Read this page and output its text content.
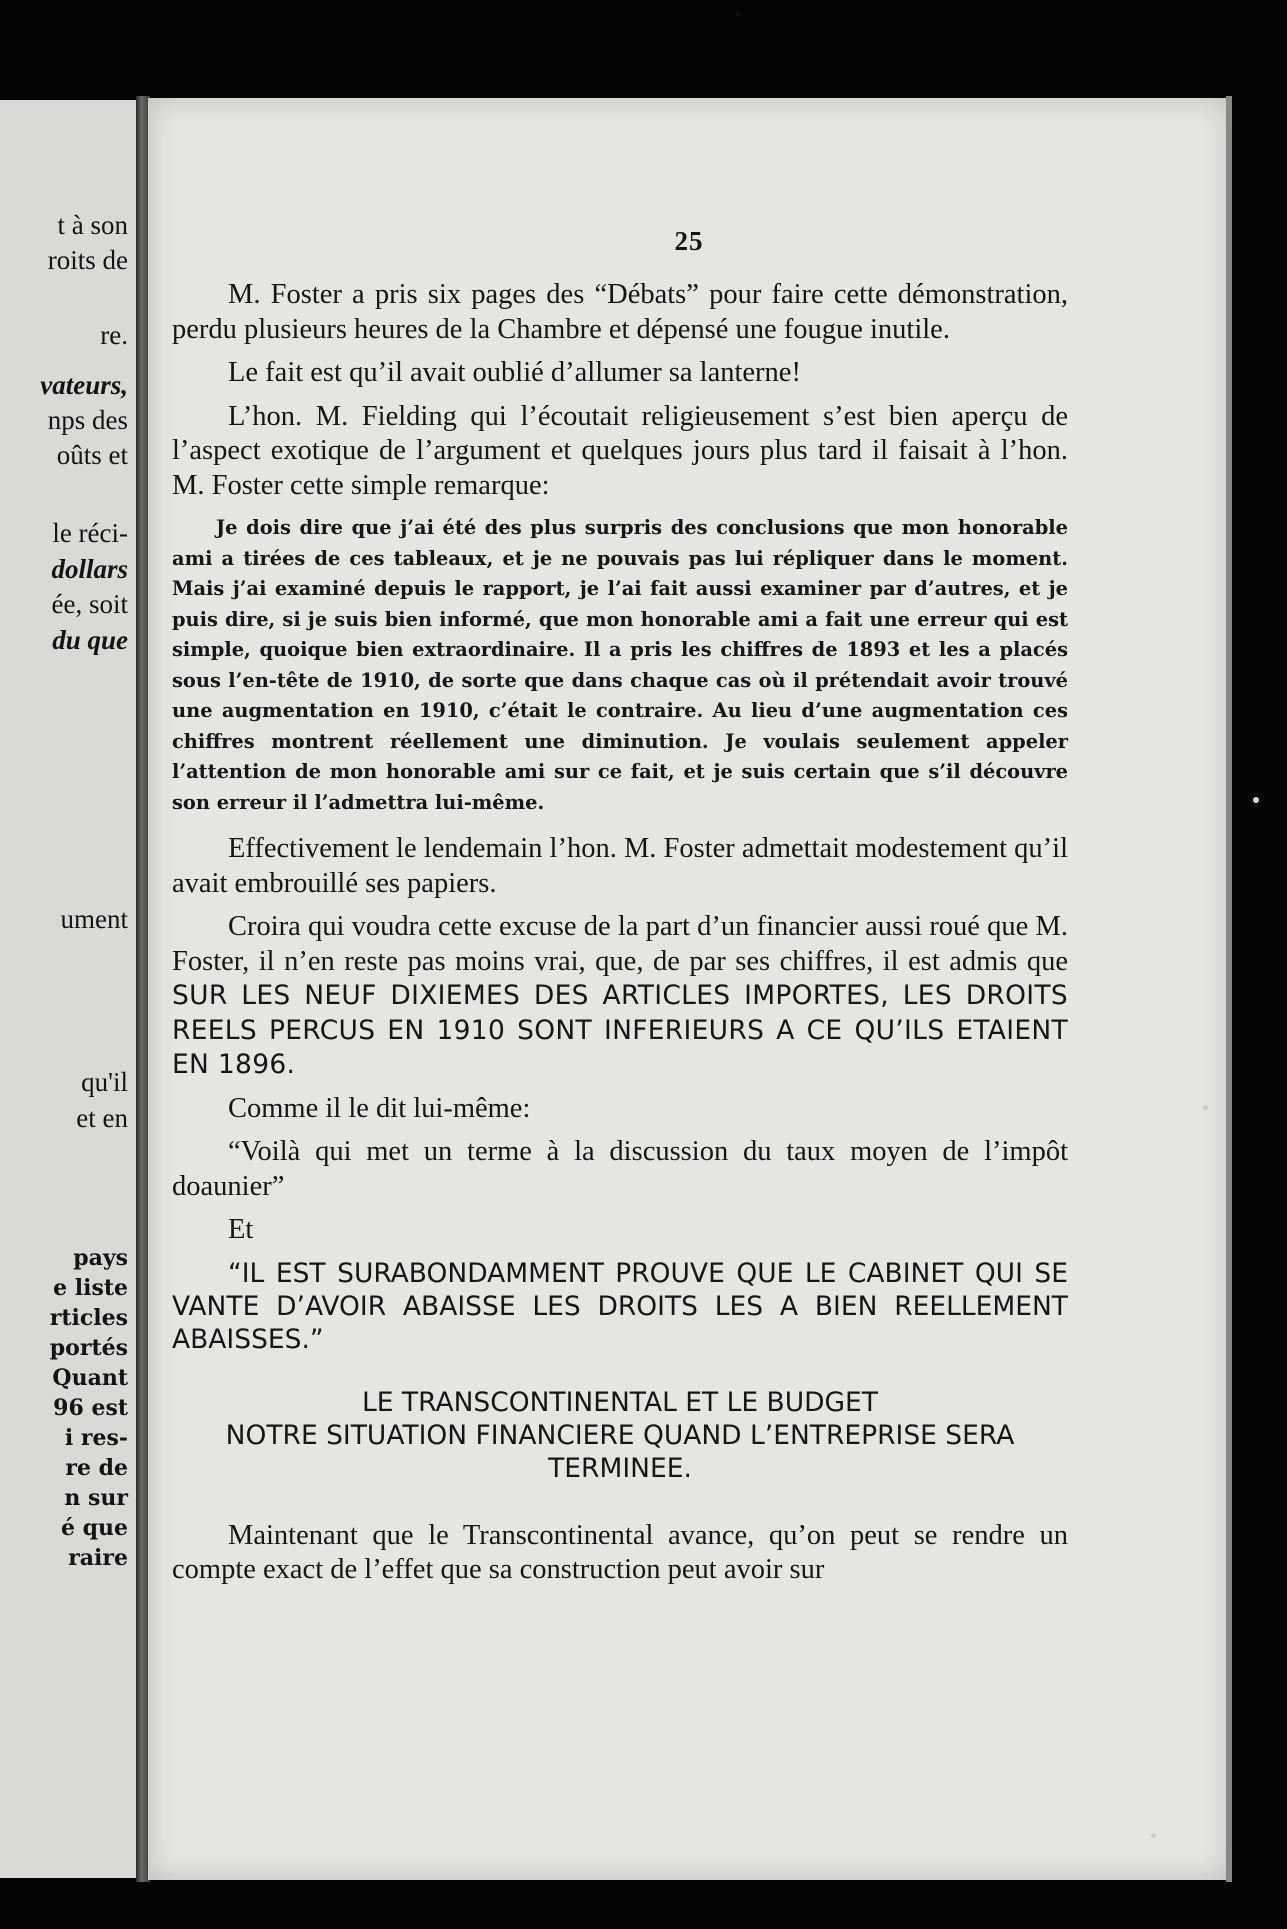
t à son
roits de
re.
vateurs,
nps des
oûts et
le réci-
dollars
ée, soit
du que
ument
qu'il
et en
pays
e liste
rticles
portés
Quant
96 est
i res-
re de
n sur
é que
raire
25

M. Foster a pris six pages des “Débats” pour faire cette démonstration, perdu plusieurs heures de la Chambre et dépensé une fougue inutile.

Le fait est qu’il avait oublié d’allumer sa lanterne!

L’hon. M. Fielding qui l’écoutait religieusement s’est bien aperçu de l’aspect exotique de l’argument et quelques jours plus tard il faisait à l’hon. M. Foster cette simple remarque:

Je dois dire que j’ai été des plus surpris des conclusions que mon honorable ami a tirées de ces tableaux, et je ne pouvais pas lui répliquer dans le moment. Mais j’ai examiné depuis le rapport, je l’ai fait aussi examiner par d’autres, et je puis dire, si je suis bien informé, que mon honorable ami a fait une erreur qui est simple, quoique bien extraordinaire. Il a pris les chiffres de 1893 et les a placés sous l’en-tête de 1910, de sorte que dans chaque cas où il prétendait avoir trouvé une augmentation en 1910, c’était le contraire. Au lieu d’une augmentation ces chiffres montrent réellement une diminution. Je voulais seulement appeler l’attention de mon honorable ami sur ce fait, et je suis certain que s’il découvre son erreur il l’admettra lui-même.

Effectivement le lendemain l’hon. M. Foster admettait modestement qu’il avait embrouillé ses papiers.

Croira qui voudra cette excuse de la part d’un financier aussi roué que M. Foster, il n’en reste pas moins vrai, que, de par ses chiffres, il est admis que SUR LES NEUF DIXIEMES DES ARTICLES IMPORTES, LES DROITS REELS PERCUS EN 1910 SONT INFERIEURS A CE QU’ILS ETAIENT EN 1896.

Comme il le dit lui-même:

“Voilà qui met un terme à la discussion du taux moyen de l’impôt doaunier”

Et

“IL EST SURABONDAMMENT PROUVE QUE LE CABINET QUI SE VANTE D’AVOIR ABAISSE LES DROITS LES A BIEN REELLEMENT ABAISSES.”

LE TRANSCONTINENTAL ET LE BUDGET

NOTRE SITUATION FINANCIERE QUAND L’ENTREPRISE SERA TERMINEE.

Maintenant que le Transcontinental avance, qu’on peut se rendre un compte exact de l’effet que sa construction peut avoir sur
